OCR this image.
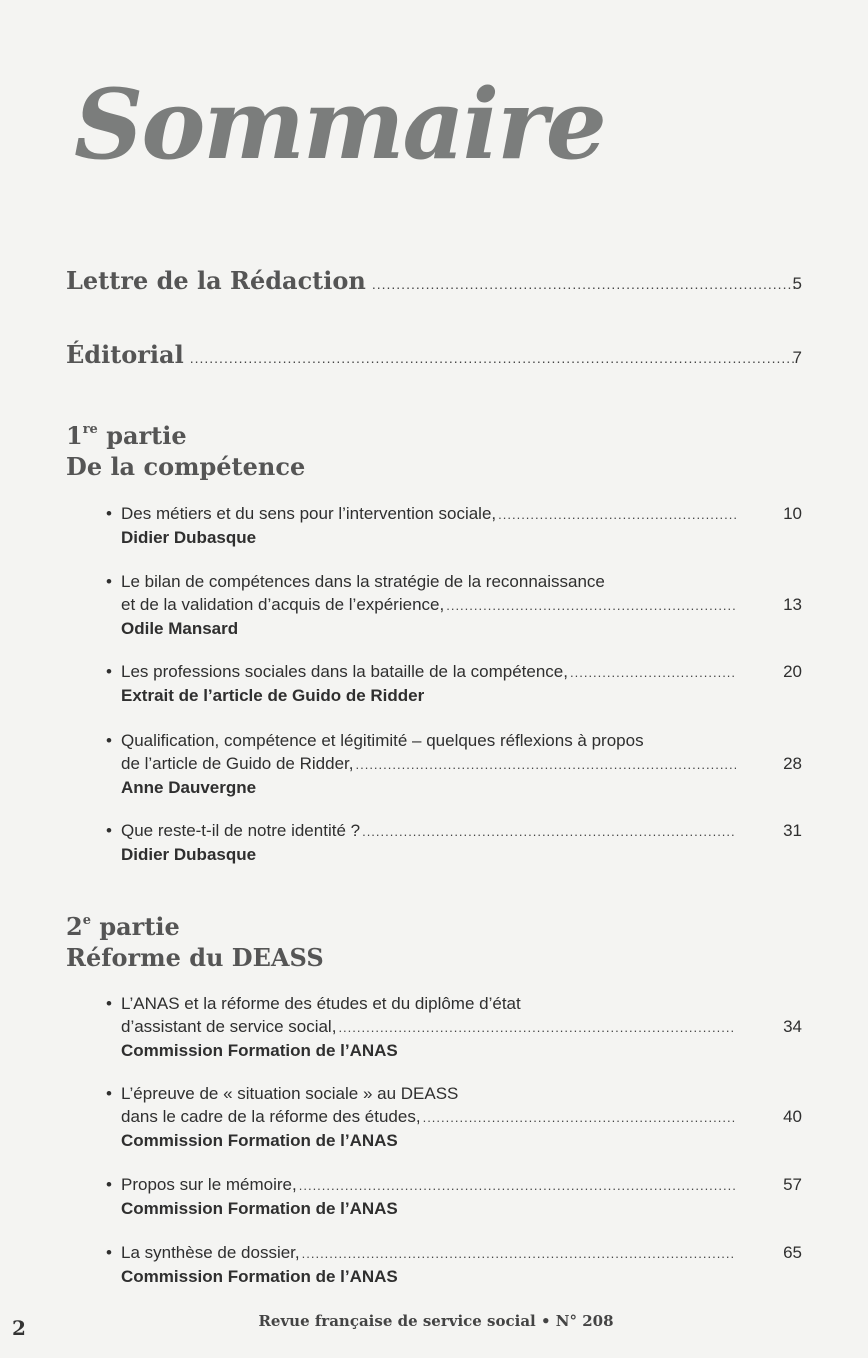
Sommaire
Lettre de la Rédaction .....	5
Éditorial .....	7
1re partie
De la compétence
• Des métiers et du sens pour l’intervention sociale, .....	10
Didier Dubasque
• Le bilan de compétences dans la stratégie de la reconnaissance
et de la validation d’acquis de l’expérience, .....	13
Odile Mansard
• Les professions sociales dans la bataille de la compétence, .....	20
Extrait de l’article de Guido de Ridder
• Qualification, compétence et légitimité – quelques réflexions à propos
de l’article de Guido de Ridder, .....	28
Anne Dauvergne
• Que reste-t-il de notre identité ? .....	31
Didier Dubasque
2e partie
Réforme du DEASS
• L’ANAS et la réforme des études et du diplôme d’état
d’assistant de service social, .....	34
Commission Formation de l’ANAS
• L’épreuve de « situation sociale » au DEASS
dans le cadre de la réforme des études, .....	40
Commission Formation de l’ANAS
• Propos sur le mémoire, .....	57
Commission Formation de l’ANAS
• La synthèse de dossier, .....	65
Commission Formation de l’ANAS
2	Revue française de service social • N° 208
